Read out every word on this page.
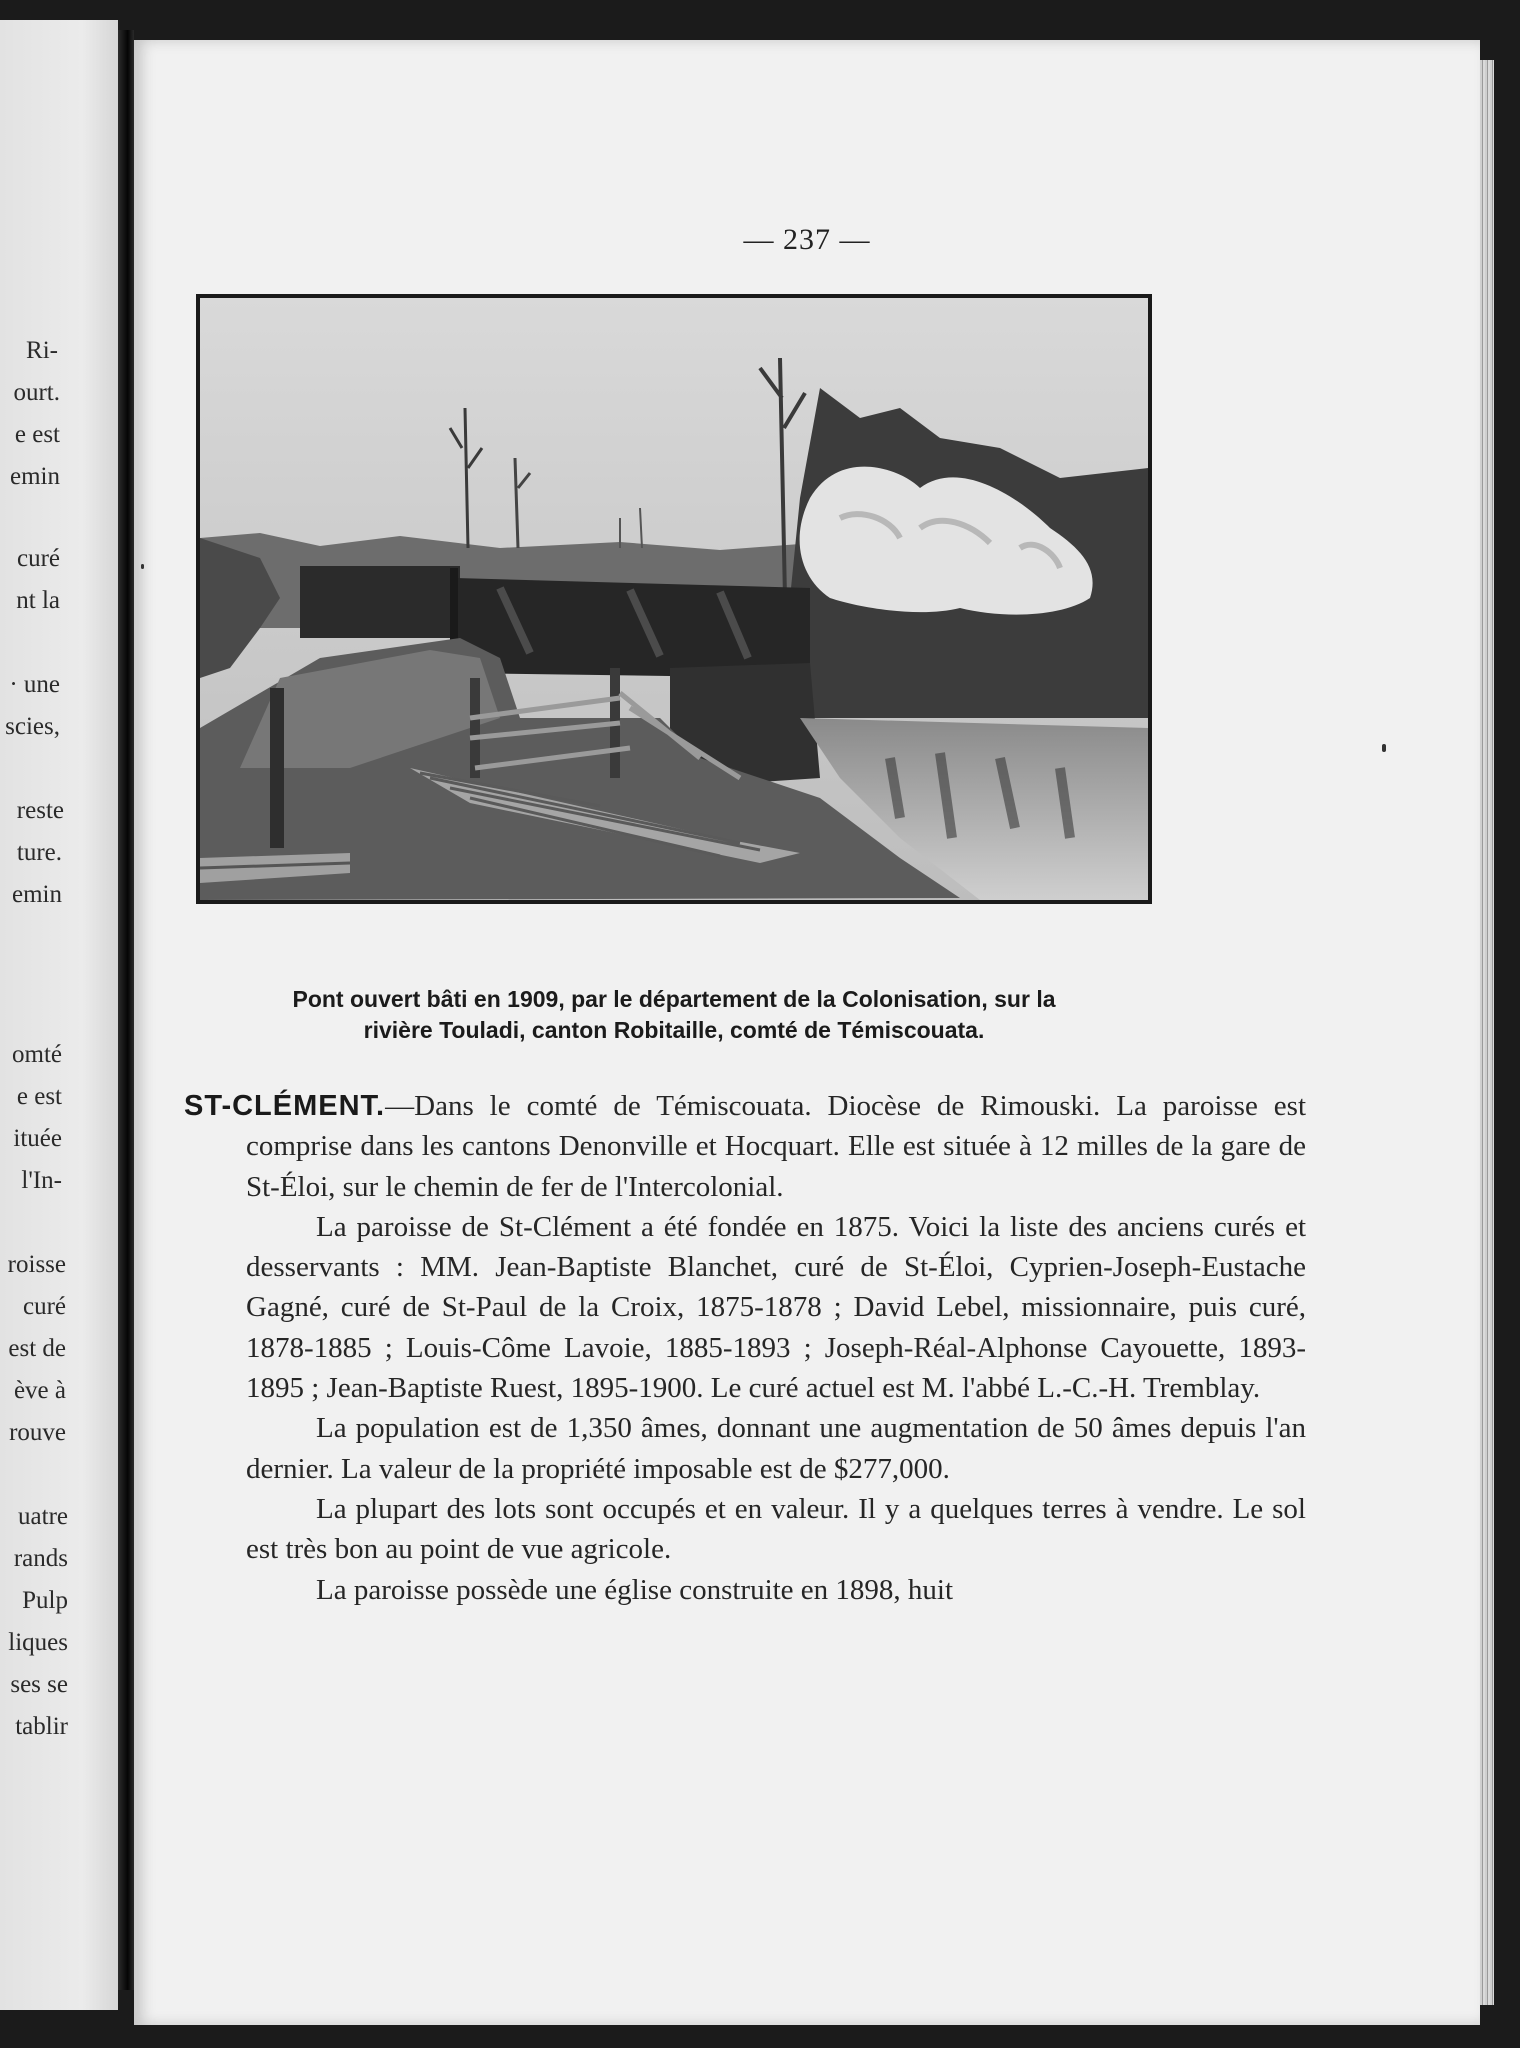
Ri-
ourt.
e est
emin
curé
nt la
· une
scies,
reste
ture.
emin
omté
e est
ituée
l'In-
roisse
curé
est de
ève à
rouve
uatre
rands
Pulp
liques
ses se
tablir
— 237 —
Pont ouvert bâti en 1909, par le département de la Colonisation, sur la
rivière Touladi, canton Robitaille, comté de Témiscouata.

ST-CLÉMENT.—Dans le comté de Témiscouata. Diocèse de Rimouski. La paroisse est comprise dans les cantons Denonville et Hocquart. Elle est située à 12 milles de la gare de St-Éloi, sur le chemin de fer de l'Intercolonial.

La paroisse de St-Clément a été fondée en 1875. Voici la liste des anciens curés et desservants : MM. Jean-Baptiste Blanchet, curé de St-Éloi, Cyprien-Joseph-Eustache Gagné, curé de St-Paul de la Croix, 1875-1878 ; David Lebel, missionnaire, puis curé, 1878-1885 ; Louis-Côme Lavoie, 1885-1893 ; Joseph-Réal-Alphonse Cayouette, 1893-1895 ; Jean-Baptiste Ruest, 1895-1900. Le curé actuel est M. l'abbé L.-C.-H. Tremblay.

La population est de 1,350 âmes, donnant une augmentation de 50 âmes depuis l'an dernier. La valeur de la propriété imposable est de $277,000.

La plupart des lots sont occupés et en valeur. Il y a quelques terres à vendre. Le sol est très bon au point de vue agricole.

La paroisse possède une église construite en 1898, huit
